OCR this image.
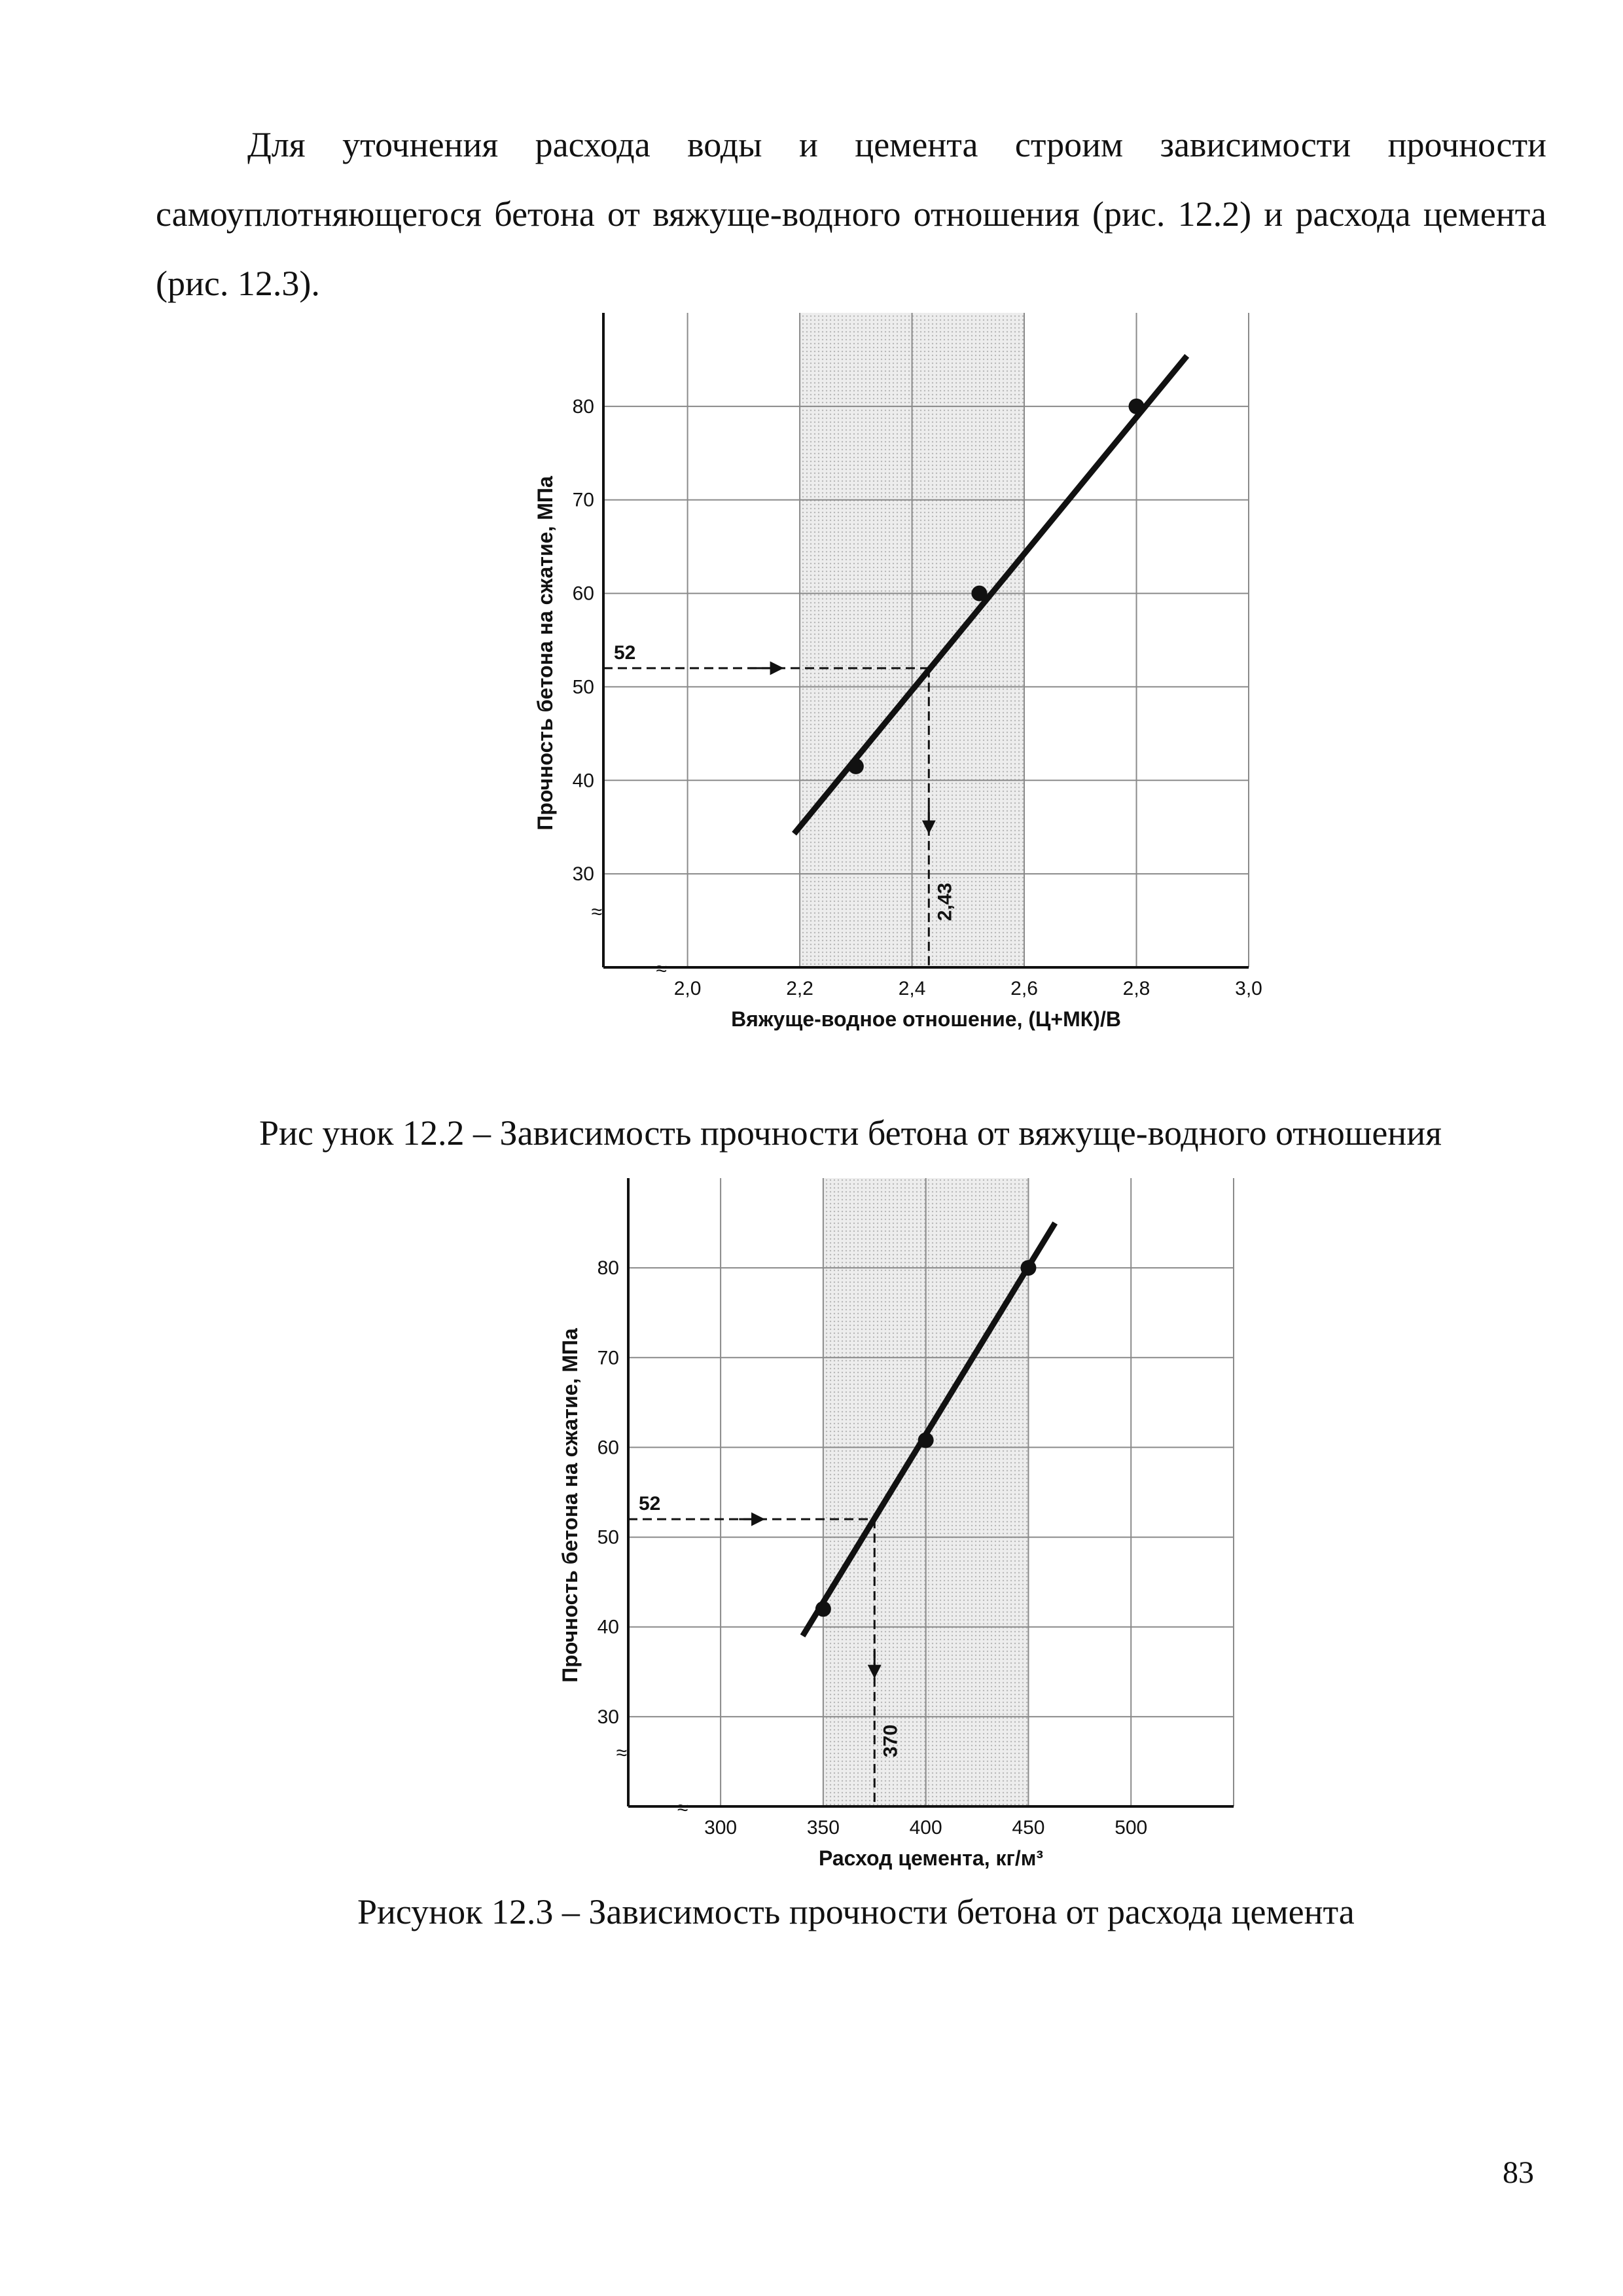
Для уточнения расхода воды и цемента строим зависимости прочности самоуплотняющегося бетона от вяжуще-водного отношения (рис. 12.2) и расхода цемента (рис. 12.3).

≈
≈
2,0	2,2	2,4	2,6	2,8	3,0
30
40
50
60
70
80
Вяжуще-водное отношение, (Ц+МК)/В
Прочность бетона на сжатие, МПа	52
2,43

Рис унок 12.2 – Зависимость прочности бетона от вяжуще-водного отношения

≈
≈
300	350	400	450	500
30
40
50
60
70
80
Расход цемента, кг/м³
Прочность бетона на сжатие, МПа	52
370

Рисунок 12.3 – Зависимость прочности бетона от расхода цемента

83
